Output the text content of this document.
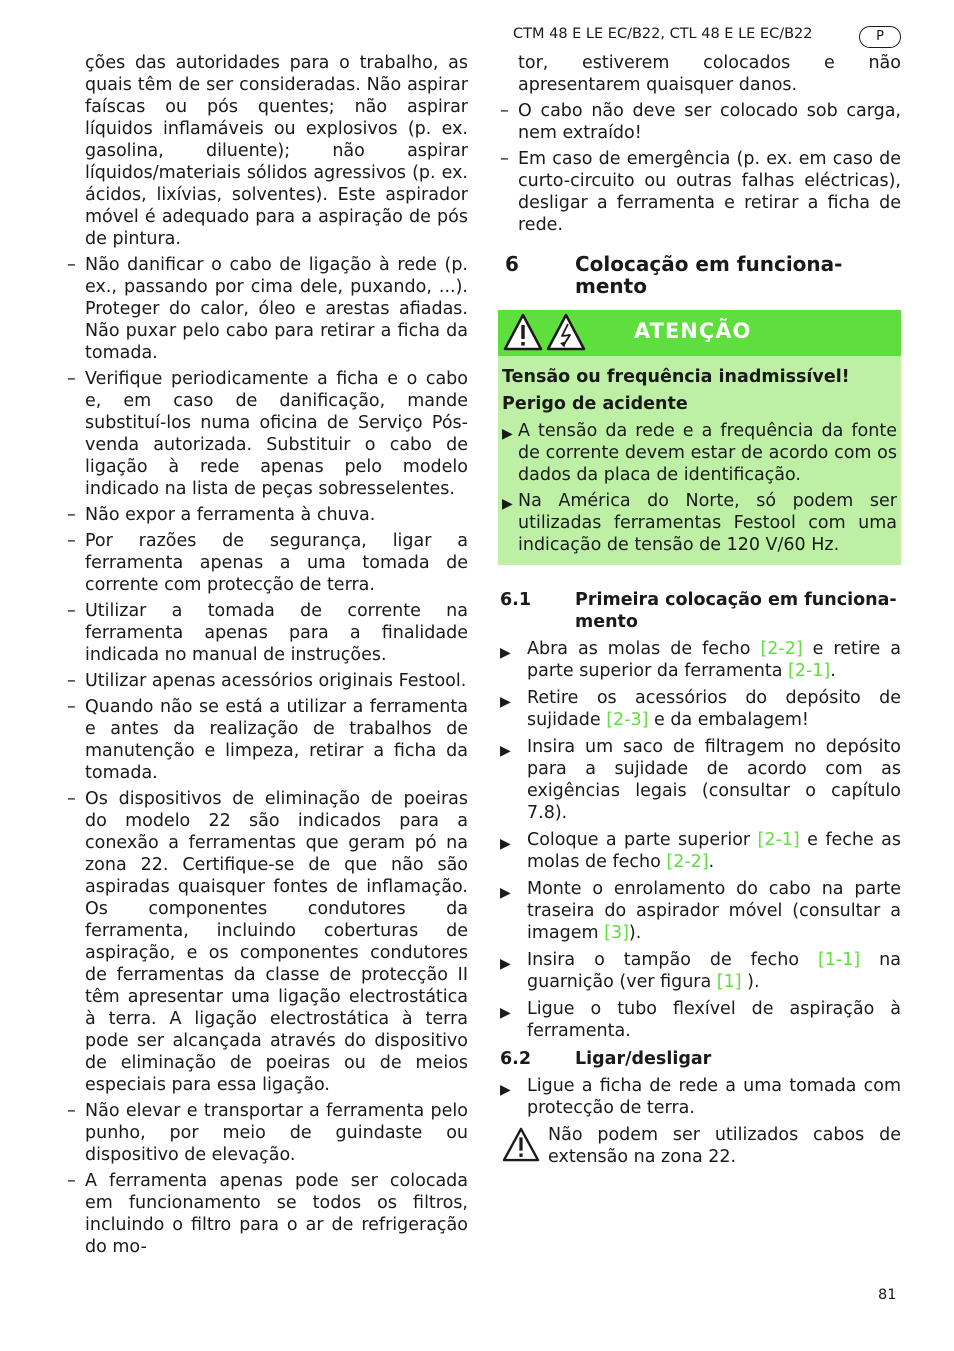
CTM 48 E LE EC/B22, CTL 48 E LE EC/B22	P

ções das autoridades para o trabalho, as quais têm de ser consideradas. Não aspirar faíscas ou pós quentes; não aspirar líquidos inflamáveis ou explosivos (p. ex. gasolina, diluente); não aspirar líquidos/materiais sólidos agressivos (p. ex. ácidos, lixívias, solventes). Este aspirador móvel é adequado para a aspiração de pós de pintura.

– Não danificar o cabo de ligação à rede (p. ex., passando por cima dele, puxando, ...). Proteger do calor, óleo e arestas afiadas. Não puxar pelo cabo para retirar a ficha da tomada.
– Verifique periodicamente a ficha e o cabo e, em caso de danificação, mande substituí-los numa oficina de Serviço Pós-venda autorizada. Substituir o cabo de ligação à rede apenas pelo modelo indicado na lista de peças sobresselentes.
– Não expor a ferramenta à chuva.
– Por razões de segurança, ligar a ferramenta apenas a uma tomada de corrente com protecção de terra.
– Utilizar a tomada de corrente na ferramenta apenas para a finalidade indicada no manual de instruções.
– Utilizar apenas acessórios originais Festool.
– Quando não se está a utilizar a ferramenta e antes da realização de trabalhos de manutenção e limpeza, retirar a ficha da tomada.
– Os dispositivos de eliminação de poeiras do modelo 22 são indicados para a conexão a ferramentas que geram pó na zona 22. Certifique-se de que não são aspiradas quaisquer fontes de inflamação. Os componentes condutores da ferramenta, incluindo coberturas de aspiração, e os componentes condutores de ferramentas da classe de protecção II têm apresentar uma ligação electrostática à terra. A ligação electrostática à terra pode ser alcançada através do dispositivo de eliminação de poeiras ou de meios especiais para essa ligação.
– Não elevar e transportar a ferramenta pelo punho, por meio de guindaste ou dispositivo de elevação.
– A ferramenta apenas pode ser colocada em funcionamento se todos os filtros, incluindo o filtro para o ar de refrigeração do mo-

tor, estiverem colocados e não apresentarem quaisquer danos.

– O cabo não deve ser colocado sob carga, nem extraído!
– Em caso de emergência (p. ex. em caso de curto-circuito ou outras falhas eléctricas), desligar a ferramenta e retirar a ficha de rede.
6	Colocação em funciona-
mento
ATENÇÃO
Tensão ou frequência inadmissível!
Perigo de acidente
▶ A tensão da rede e a frequência da fonte de corrente devem estar de acordo com os dados da placa de identificação.
▶ Na América do Norte, só podem ser utilizadas ferramentas Festool com uma indicação de tensão de 120 V/60 Hz.
6.1	Primeira colocação em funciona-
mento
▶ Abra as molas de fecho [2-2] e retire a parte superior da ferramenta [2-1].
▶ Retire os acessórios do depósito de sujidade [2-3] e da embalagem!
▶ Insira um saco de filtragem no depósito para a sujidade de acordo com as exigências legais (consultar o capítulo 7.8).
▶ Coloque a parte superior [2-1] e feche as molas de fecho [2-2].
▶ Monte o enrolamento do cabo na parte traseira do aspirador móvel (consultar a imagem [3]).
▶ Insira o tampão de fecho [1-1] na guarnição (ver figura [1] ).
▶ Ligue o tubo flexível de aspiração à ferramenta.
6.2	Ligar/desligar
▶ Ligue a ficha de rede a uma tomada com protecção de terra.
Não podem ser utilizados cabos de extensão na zona 22.
81
